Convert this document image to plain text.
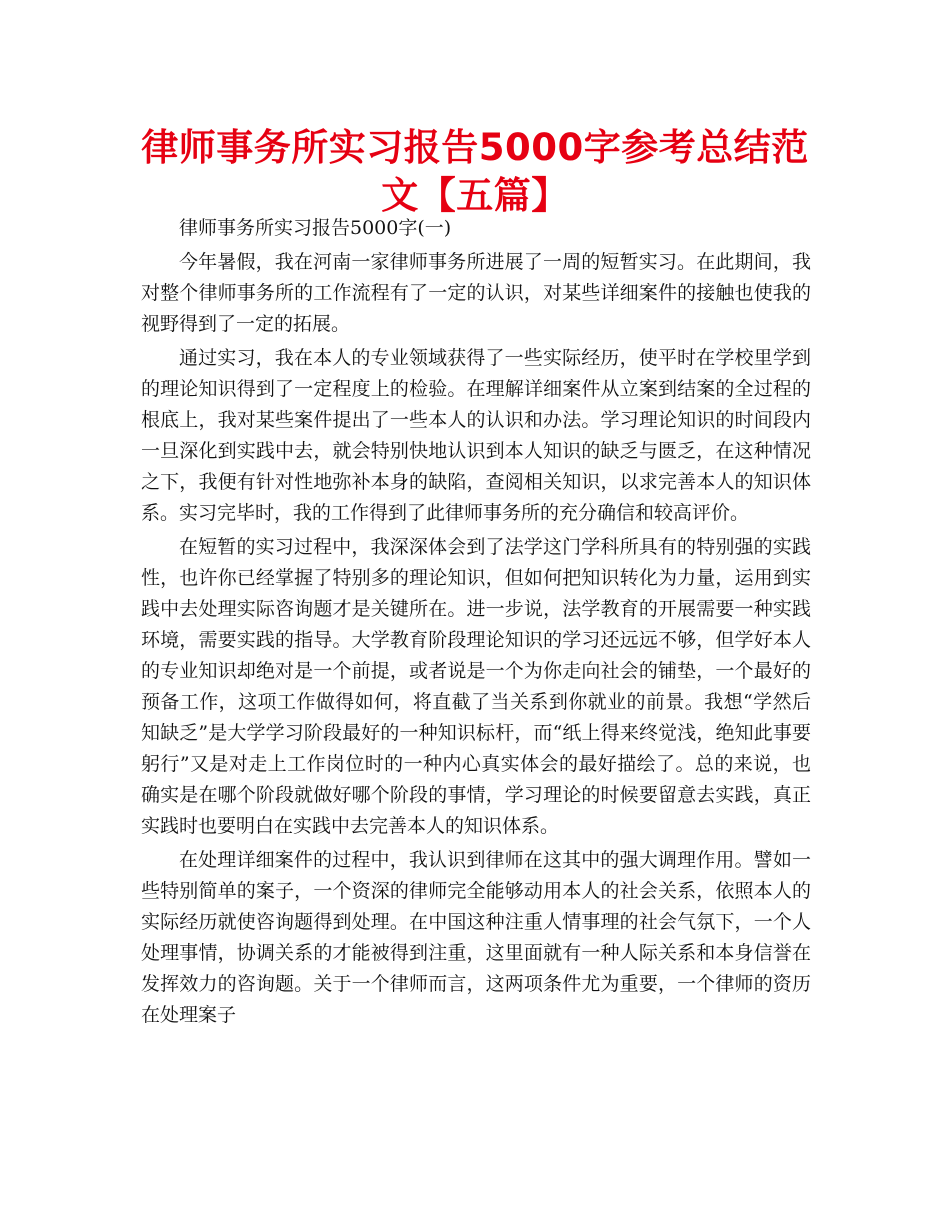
律师事务所实习报告5000字参考总结范文【五篇】

律师事务所实习报告5000字(一)

今年暑假，我在河南一家律师事务所进展了一周的短暂实习。在此期间，我对整个律师事务所的工作流程有了一定的认识，对某些详细案件的接触也使我的视野得到了一定的拓展。

通过实习，我在本人的专业领域获得了一些实际经历，使平时在学校里学到的理论知识得到了一定程度上的检验。在理解详细案件从立案到结案的全过程的根底上，我对某些案件提出了一些本人的认识和办法。学习理论知识的时间段内一旦深化到实践中去，就会特别快地认识到本人知识的缺乏与匮乏，在这种情况之下，我便有针对性地弥补本身的缺陷，查阅相关知识，以求完善本人的知识体系。实习完毕时，我的工作得到了此律师事务所的充分确信和较高评价。

在短暂的实习过程中，我深深体会到了法学这门学科所具有的特别强的实践性，也许你已经掌握了特别多的理论知识，但如何把知识转化为力量，运用到实践中去处理实际咨询题才是关键所在。进一步说，法学教育的开展需要一种实践环境，需要实践的指导。大学教育阶段理论知识的学习还远远不够，但学好本人的专业知识却绝对是一个前提，或者说是一个为你走向社会的铺垫，一个最好的预备工作，这项工作做得如何，将直截了当关系到你就业的前景。我想“学然后知缺乏”是大学学习阶段最好的一种知识标杆，而“纸上得来终觉浅，绝知此事要躬行”又是对走上工作岗位时的一种内心真实体会的最好描绘了。总的来说，也确实是在哪个阶段就做好哪个阶段的事情，学习理论的时候要留意去实践，真正实践时也要明白在实践中去完善本人的知识体系。

在处理详细案件的过程中，我认识到律师在这其中的强大调理作用。譬如一些特别简单的案子，一个资深的律师完全能够动用本人的社会关系，依照本人的实际经历就使咨询题得到处理。在中国这种注重人情事理的社会气氛下，一个人处理事情，协调关系的才能被得到注重，这里面就有一种人际关系和本身信誉在发挥效力的咨询题。关于一个律师而言，这两项条件尤为重要，一个律师的资历在处理案子
